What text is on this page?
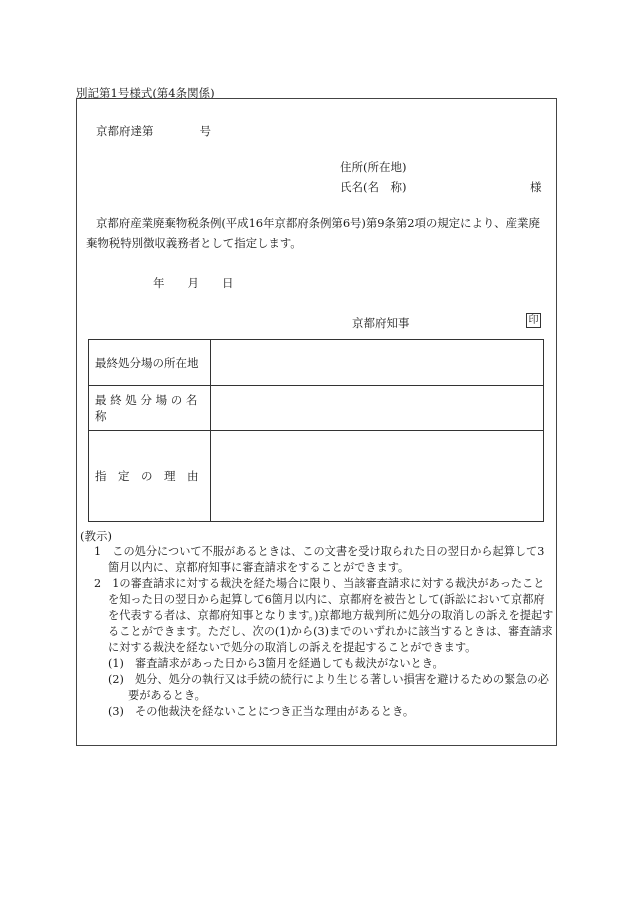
別記第1号様式(第4条関係)
京都府達第　　　　号
住所(所在地)
氏名(名　称)	様
京都府産業廃棄物税条例(平成16年京都府条例第6号)第9条第2項の規定により、産業廃棄物税特別徴収義務者として指定します。
年　　月　　日
京都府知事	印
最終処分場の所在地	
最 終 処 分 場 の 名 称	
指　定　の　理　由	
(教示)
1　この処分について不服があるときは、この文書を受け取られた日の翌日から起算して3箇月以内に、京都府知事に審査請求をすることができます。
2　1の審査請求に対する裁決を経た場合に限り、当該審査請求に対する裁決があったことを知った日の翌日から起算して6箇月以内に、京都府を被告として(訴訟において京都府を代表する者は、京都府知事となります。)京都地方裁判所に処分の取消しの訴えを提起することができます。ただし、次の(1)から(3)までのいずれかに該当するときは、審査請求に対する裁決を経ないで処分の取消しの訴えを提起することができます。
(1)　審査請求があった日から3箇月を経過しても裁決がないとき。
(2)　処分、処分の執行又は手続の続行により生じる著しい損害を避けるための緊急の必要があるとき。
(3)　その他裁決を経ないことにつき正当な理由があるとき。
